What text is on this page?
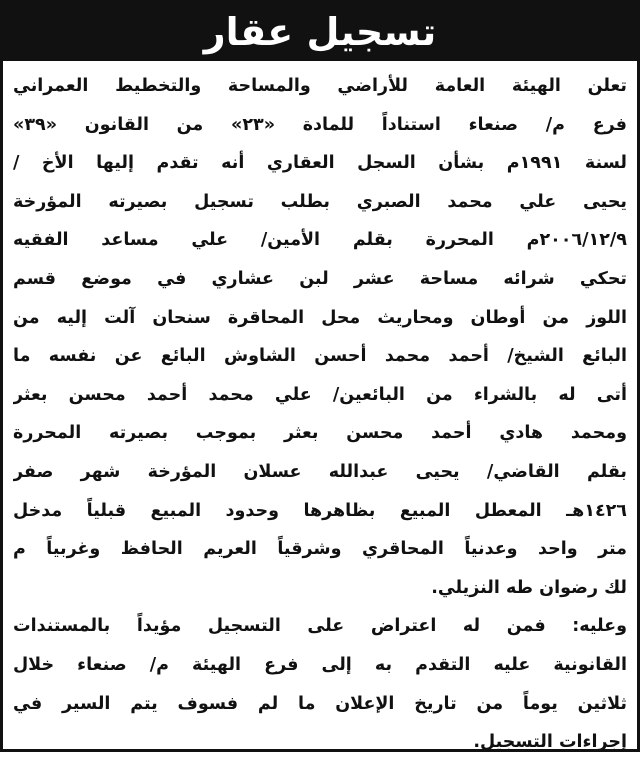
تسجيل عقار
تعلن الهيئة العامة للأراضي والمساحة والتخطيط العمراني
فرع م/ صنعاء استناداً للمادة «٢٣» من القانون «٣٩»
لسنة ١٩٩١م بشأن السجل العقاري أنه تقدم إليها الأخ /
يحيى علي محمد الصبري بطلب تسجيل بصيرته المؤرخة
٢٠٠٦/١٢/٩م المحررة بقلم الأمين/ علي مساعد الفقيه
تحكي شرائه مساحة عشر لبن عشاري في موضع قسم
اللوز من أوطان ومحاريث محل المحاقرة سنحان آلت إليه من
البائع الشيخ/ أحمد محمد أحسن الشاوش البائع عن نفسه ما
أتى له بالشراء من البائعين/ علي محمد أحمد محسن بعثر
ومحمد هادي أحمد محسن بعثر بموجب بصيرته المحررة
بقلم القاضي/ يحيى عبدالله عسلان المؤرخة شهر صفر
١٤٢٦هـ المعطل المبيع بظاهرها وحدود المبيع قبلياً مدخل
متر واحد وعدنياً المحاقري وشرقياً العريم الحافظ وغربياً م
لك رضوان طه النزيلي.
وعليه: فمن له اعتراض على التسجيل مؤيداً بالمستندات
القانونية عليه التقدم به إلى فرع الهيئة م/ صنعاء خلال
ثلاثين يوماً من تاريخ الإعلان ما لم فسوف يتم السير في
إجراءات التسجيل.
